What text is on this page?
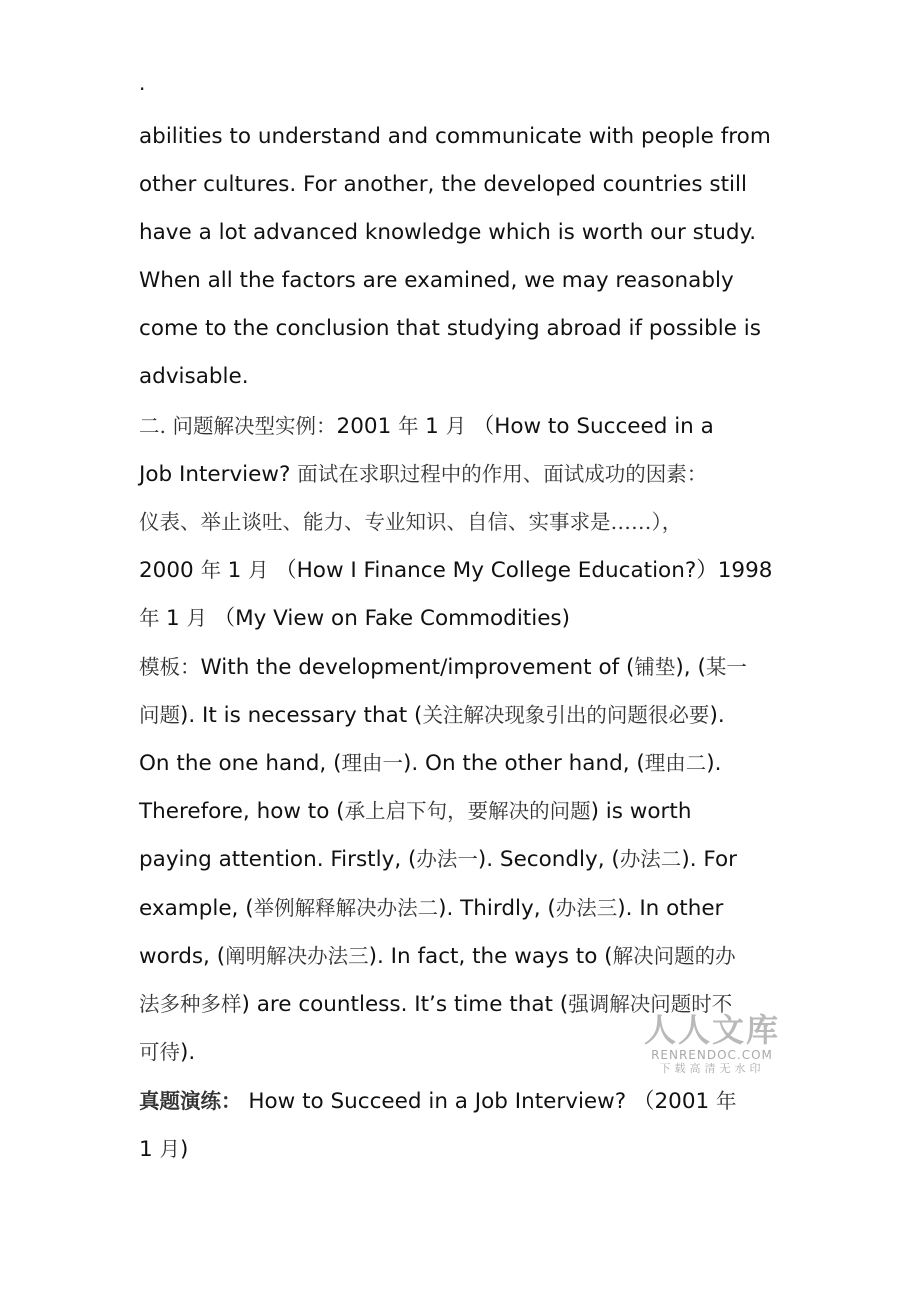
.
abilities to understand and communicate with people from
other cultures. For another, the developed countries still
have a lot advanced knowledge which is worth our study.
When all the factors are examined, we may reasonably
come to the conclusion that studying abroad if possible is
advisable.
二. 问题解决型实例：2001 年 1 月 （How to Succeed in a
Job Interview? 面试在求职过程中的作用、面试成功的因素：
仪表、举止谈吐、能力、专业知识、自信、实事求是……），
2000 年 1 月 （How I Finance My College Education?）1998
年 1 月 （My View on Fake Commodities)
模板：With the development/improvement of (铺垫), (某一
问题). It is necessary that (关注解决现象引出的问题很必要).
On the one hand, (理由一). On the other hand, (理由二).
Therefore, how to (承上启下句，要解决的问题) is worth
paying attention. Firstly, (办法一). Secondly, (办法二). For
example, (举例解释解决办法二). Thirdly, (办法三). In other
words, (阐明解决办法三). In fact, the ways to (解决问题的办
法多种多样) are countless. It’s time that (强调解决问题时不
可待).
真题演练： How to Succeed in a Job Interview? （2001 年
1 月)
人人文库
RENRENDOC.COM
下载高清无水印
